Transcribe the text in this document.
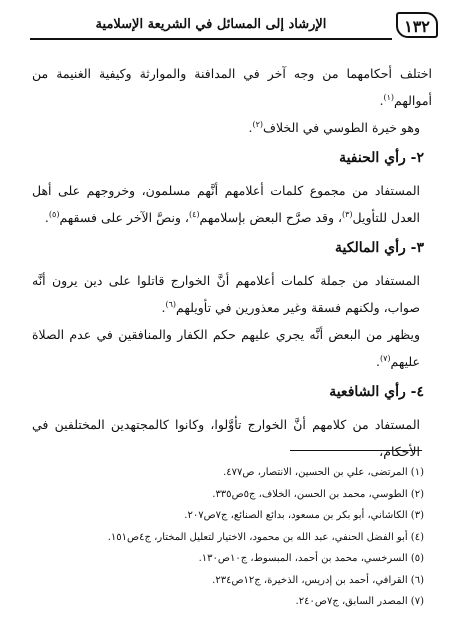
الإرشاد إلى المسائل في الشريعة الإسلامية	١٣٢

اختلف أحكامهما من وجه آخر في المدافنة والموارثة وكيفية الغنيمة من أموالهم$^{(١)}$.

وهو خيرة الطوسي في الخلاف$^{(٢)}$.

٢- رأي الحنفية

المستفاد من مجموع كلمات أعلامهم أنَّهم مسلمون، وخروجهم على أهل العدل للتأويل$^{(٣)}$، وقد صرَّح البعض بإسلامهم$^{(٤)}$، ونصَّ الآخر على فسقهم$^{(٥)}$.

٣- رأي المالكية

المستفاد من جملة كلمات أعلامهم أنَّ الخوارج قاتلوا على دين يرون أنَّه صواب، ولكنهم فسقة وغير معذورين في تأويلهم$^{(٦)}$.

ويظهر من البعض أنَّه يجري عليهم حكم الكفار والمنافقين في عدم الصلاة عليهم$^{(٧)}$.

٤- رأي الشافعية

المستفاد من كلامهم أنَّ الخوارج تأوَّلوا، وكانوا كالمجتهدين المختلفين في الأحكام،

(١) المرتضى، علي بن الحسين، الانتصار، ص٤٧٧.

(٢) الطوسي، محمد بن الحسن، الخلاف، ج٥ص٣٣٥.

(٣) الكاشاني، أبو بكر بن مسعود، بدائع الصنائع، ج٧ص٢٠٧.

(٤) أبو الفضل الحنفي، عبد الله بن محمود، الاختيار لتعليل المختار، ج٤ص١٥١.

(٥) السرخسي، محمد بن أحمد، المبسوط، ج١٠ص١٣٠.

(٦) القرافي، أحمد بن إدريس، الذخيرة، ج١٢ص٢٣٤.

(٧) المصدر السابق، ج٧ص٢٤٠.
